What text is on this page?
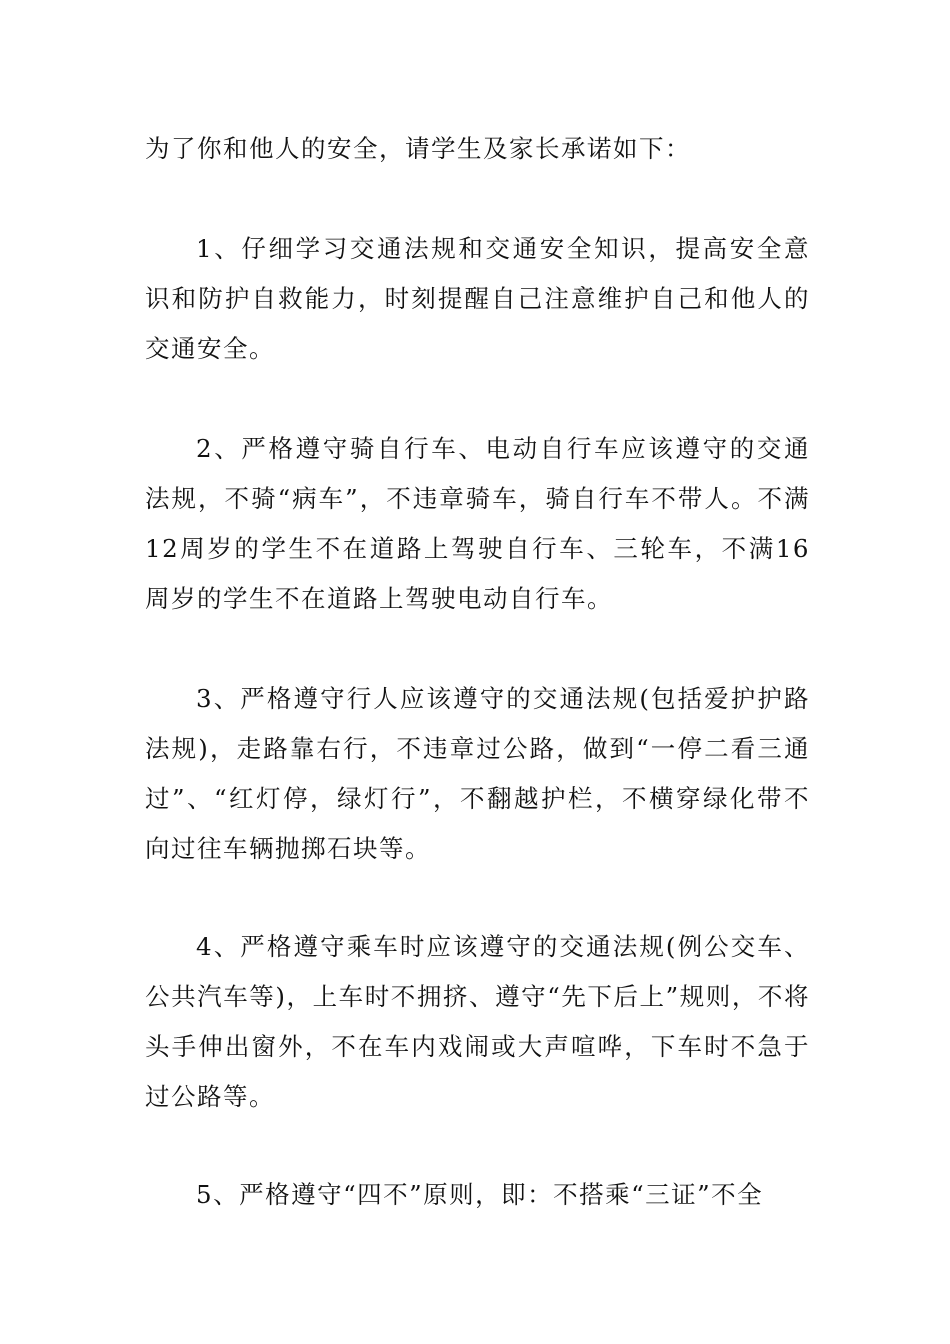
为了你和他人的安全，请学生及家长承诺如下：

1、仔细学习交通法规和交通安全知识，提高安全意识和防护自救能力，时刻提醒自己注意维护自己和他人的交通安全。

2、严格遵守骑自行车、电动自行车应该遵守的交通法规，不骑“病车”，不违章骑车，骑自行车不带人。不满12周岁的学生不在道路上驾驶自行车、三轮车，不满16周岁的学生不在道路上驾驶电动自行车。

3、严格遵守行人应该遵守的交通法规(包括爱护护路法规)，走路靠右行，不违章过公路，做到“一停二看三通过”、“红灯停，绿灯行”，不翻越护栏，不横穿绿化带不向过往车辆抛掷石块等。

4、严格遵守乘车时应该遵守的交通法规(例公交车、公共汽车等)，上车时不拥挤、遵守“先下后上”规则，不将头手伸出窗外，不在车内戏闹或大声喧哗，下车时不急于过公路等。

5、严格遵守“四不”原则，即：不搭乘“三证”不全
